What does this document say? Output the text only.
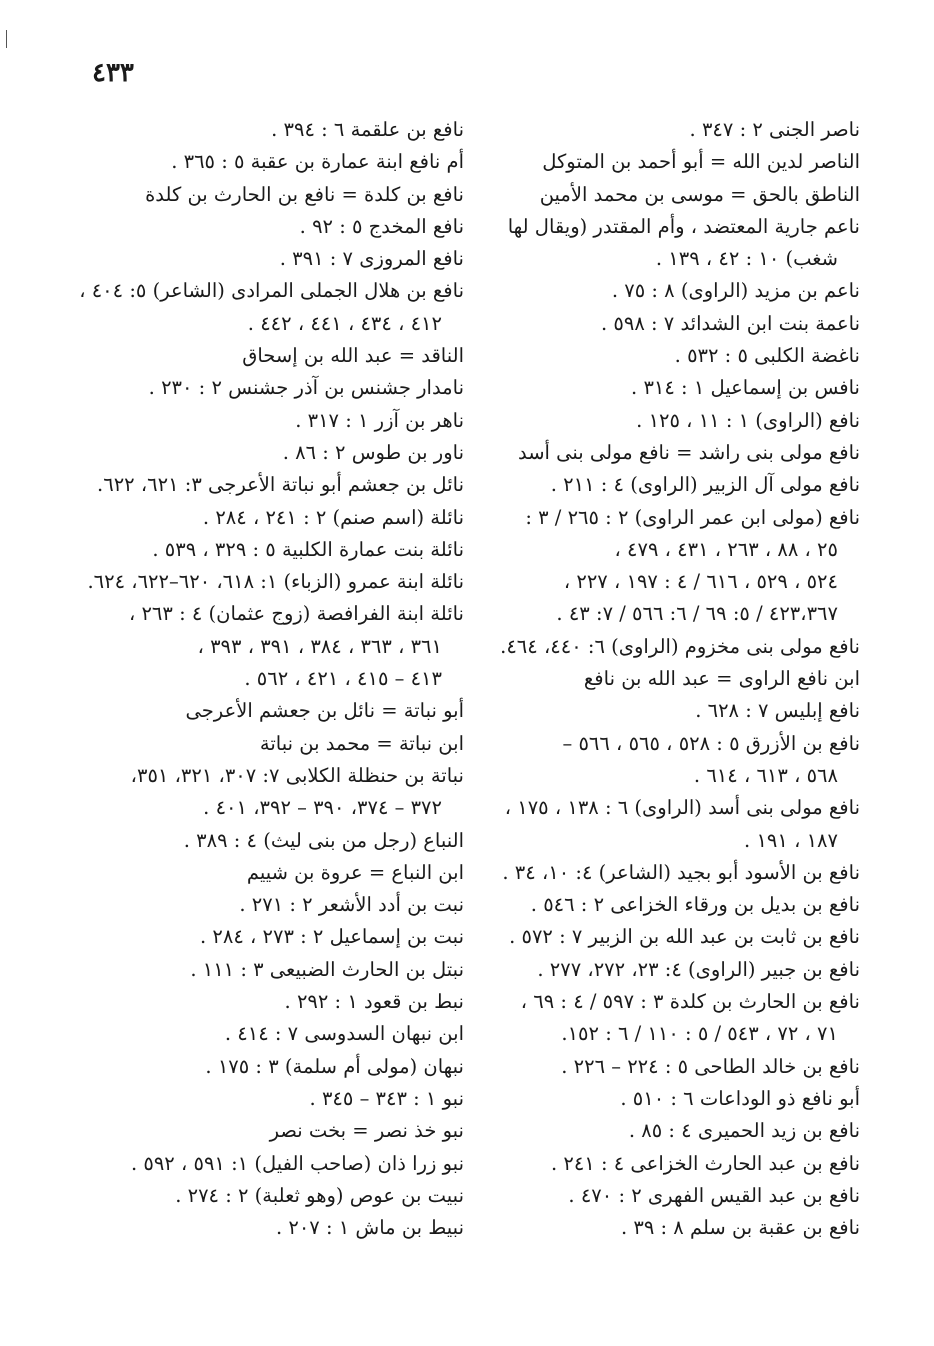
٤٣٣
ناصر الجنى ٢ : ٣٤٧ .
الناصر لدين الله = أبو أحمد بن المتوكل
الناطق بالحق = موسى بن محمد الأمين
ناعم جارية المعتضد ، وأم المقتدر (ويقال لها
شغب) ١٠ : ٤٢ ، ١٣٩ .
ناعم بن مزيد (الراوى) ٨ : ٧٥ .
ناعمة بنت ابن الشدائد ٧ : ٥٩٨ .
ناغضة الكلبى ٥ : ٥٣٢ .
نافس بن إسماعيل ١ : ٣١٤ .
نافع (الراوى) ١ : ١١ ، ١٢٥ .
نافع مولى بنى راشد = نافع مولى بنى أسد
نافع مولى آل الزبير (الراوى) ٤ : ٢١١ .
نافع (مولى ابن عمر الراوى) ٢ : ٢٦٥ / ٣ :
٢٥ ، ٨٨ ، ٢٦٣ ، ٤٣١ ، ٤٧٩ ،
٥٢٤ ، ٥٢٩ ، ٦١٦ / ٤ : ١٩٧ ، ٢٢٧ ،
٤٢٣،٣٦٧ / ٥: ٦٩ / ٦: ٥٦٦ / ٧: ٤٣ .
نافع مولى بنى مخزوم (الراوى) ٦: ٤٤٠، ٤٦٤.
ابن نافع الراوى = عبد الله بن نافع
نافع إبليس ٧ : ٦٢٨ .
نافع بن الأزرق ٥ : ٥٢٨ ، ٥٦٥ ، ٥٦٦ –
٥٦٨ ، ٦١٣ ، ٦١٤ .
نافع مولى بنى أسد (الراوى) ٦ : ١٣٨ ، ١٧٥ ،
١٨٧ ، ١٩١ .
نافع بن الأسود أبو بجيد (الشاعر) ٤: ١٠، ٣٤ .
نافع بن بديل بن ورقاء الخزاعى ٢ : ٥٤٦ .
نافع بن ثابت بن عبد الله بن الزبير ٧ : ٥٧٢ .
نافع بن جبير (الراوى) ٤: ٢٣، ٢٧٢، ٢٧٧ .
نافع بن الحارث بن كلدة ٣ : ٥٩٧ / ٤ : ٦٩ ،
٧١ ، ٧٢ ، ٥٤٣ / ٥ : ١١٠ / ٦ : ١٥٢.
نافع بن خالد الطاحى ٥ : ٢٢٤ – ٢٢٦ .
أبو نافع ذو الوداعات ٦ : ٥١٠ .
نافع بن زيد الحميرى ٤ : ٨٥ .
نافع بن عبد الحارث الخزاعى ٤ : ٢٤١ .
نافع بن عبد القيس الفهرى ٢ : ٤٧٠ .
نافع بن عقبة بن سلم ٨ : ٣٩ .
نافع بن علقمة ٦ : ٣٩٤ .
أم نافع ابنة عمارة بن عقبة ٥ : ٣٦٥ .
نافع بن كلدة = نافع بن الحارث بن كلدة
نافع المخدج ٥ : ٩٢ .
نافع المروزى ٧ : ٣٩١ .
نافع بن هلال الجملى المرادى (الشاعر) ٥: ٤٠٤ ،
٤١٢ ، ٤٣٤ ، ٤٤١ ، ٤٤٢ .
الناقد = عبد الله بن إسحاق
نامدار جشنس بن آذر جشنس ٢ : ٢٣٠ .
ناهر بن آزر ١ : ٣١٧ .
ناور بن طوس ٢ : ٨٦ .
نائل بن جعشم أبو نباتة الأعرجى ٣: ٦٢١، ٦٢٢.
نائلة (اسم صنم) ٢ : ٢٤١ ، ٢٨٤ .
نائلة بنت عمارة الكلبية ٥ : ٣٢٩ ، ٥٣٩ .
نائلة ابنة عمرو (الزباء) ١: ٦١٨، ٦٢٠–٦٢٢، ٦٢٤.
نائلة ابنة الفرافصة (زوج عثمان) ٤ : ٢٦٣ ،
٣٦١ ، ٣٦٣ ، ٣٨٤ ، ٣٩١ ، ٣٩٣ ،
٤١٣ – ٤١٥ ، ٤٢١ ، ٥٦٢ .
أبو نباتة = نائل بن جعشم الأعرجى
ابن نباتة = محمد بن نباتة
نباتة بن حنظلة الكلابى ٧: ٣٠٧، ٣٢١، ٣٥١،
٣٧٢ – ٣٧٤، ٣٩٠ – ٣٩٢، ٤٠١ .
النباع (رجل من بنى ليث) ٤ : ٣٨٩ .
ابن النباع = عروة بن شييم
نبت بن أدد الأشعر ٢ : ٢٧١ .
نبت بن إسماعيل ٢ : ٢٧٣ ، ٢٨٤ .
نبتل بن الحارث الضبيعى ٣ : ١١١ .
نبط بن قعود ١ : ٢٩٢ .
ابن نبهان السدوسى ٧ : ٤١٤ .
نبهان (مولى أم سلمة) ٣ : ١٧٥ .
نبو ١ : ٣٤٣ – ٣٤٥ .
نبو خذ نصر = بخت نصر
نبو زرا ذان (صاحب الفيل) ١: ٥٩١ ، ٥٩٢ .
نبيت بن عوص (وهو ثعلبة) ٢ : ٢٧٤ .
نبيط بن ماش ١ : ٢٠٧ .
